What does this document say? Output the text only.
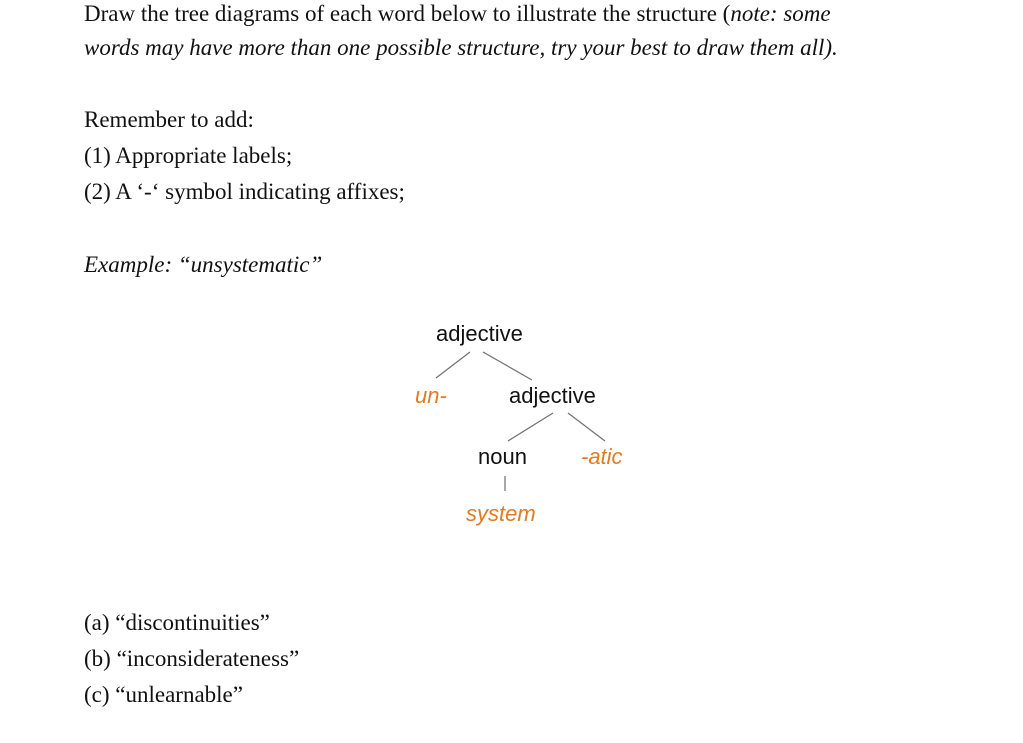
Draw the tree diagrams of each word below to illustrate the structure (note: some
words may have more than one possible structure, try your best to draw them all).
Remember to add:
(1) Appropriate labels;
(2) A ‘-‘ symbol indicating affixes;
Example: “unsystematic”
adjective
un-	adjective
noun -atic
system
(a) “discontinuities”
(b) “inconsiderateness”
(c) “unlearnable”
